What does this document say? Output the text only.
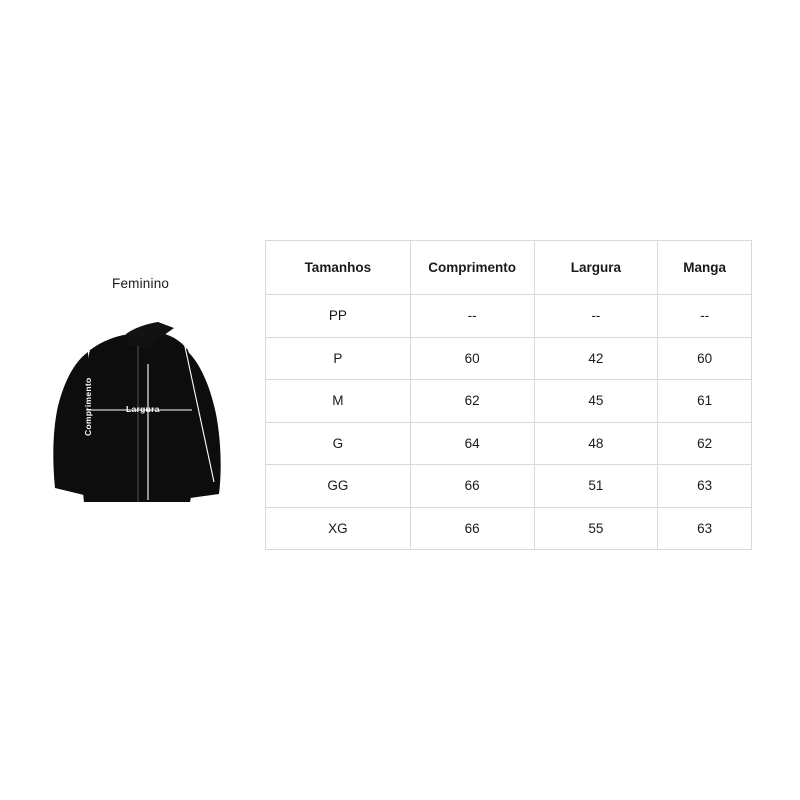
Feminino
Largura
Comprimento
Manga
Tamanhos	Comprimento	Largura	Manga
PP	--	--	--
P	60	42	60
M	62	45	61
G	64	48	62
GG	66	51	63
XG	66	55	63
